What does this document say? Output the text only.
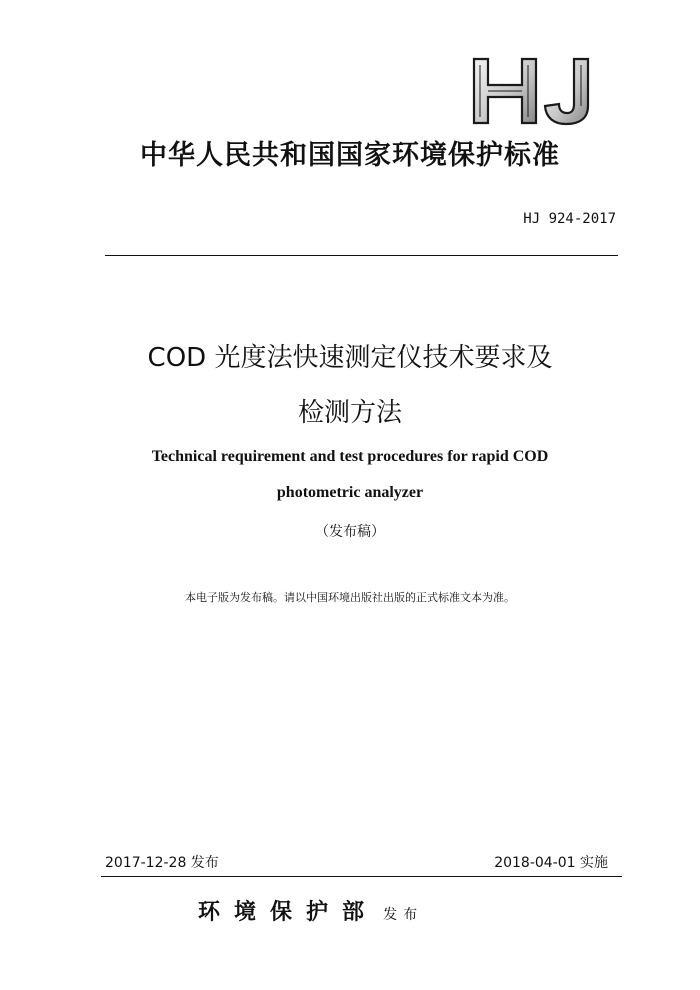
中华人民共和国国家环境保护标准
HJ 924-2017
COD 光度法快速测定仪技术要求及
检测方法
Technical requirement and test procedures for rapid COD
photometric analyzer
（发布稿）
本电子版为发布稿。请以中国环境出版社出版的正式标准文本为准。
2017-12-28 发布	2018-04-01 实施
环境保护部 发布
